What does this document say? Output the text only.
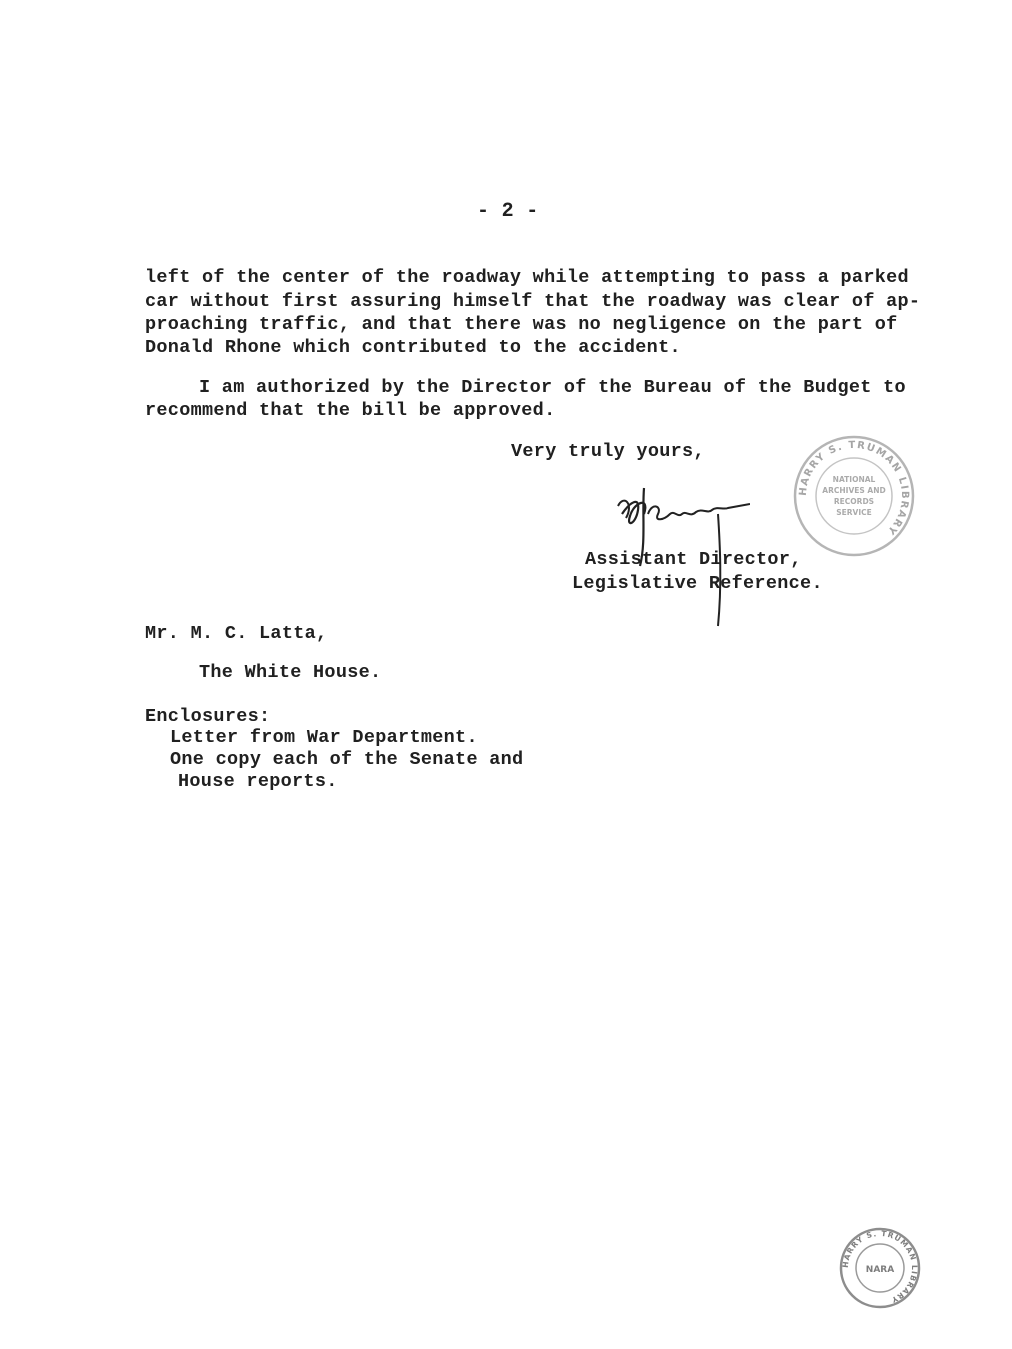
- 2 -
left of the center of the roadway while attempting to pass a parked
car without first assuring himself that the roadway was clear of ap-
proaching traffic, and that there was no negligence on the part of
Donald Rhone which contributed to the accident.
I am authorized by the Director of the Bureau of the Budget to
recommend that the bill be approved.
Very truly yours,
Assistant Director,
Legislative Reference.
Mr. M. C. Latta,
The White House.
Enclosures:
Letter from War Department.
One copy each of the Senate and
House reports.
HARRY S. TRUMAN LIBRARY
NATIONAL
ARCHIVES AND
RECORDS
SERVICE
HARRY S. TRUMAN LIBRARY
NARA
